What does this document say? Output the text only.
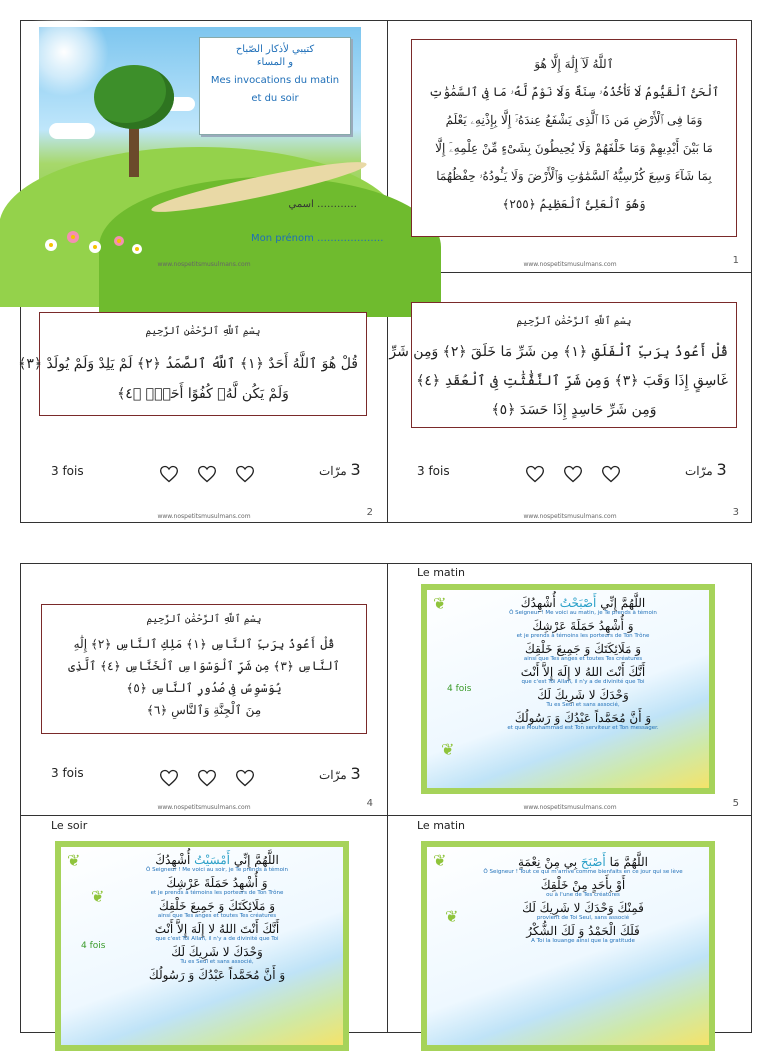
كتيبي لأذكار الصّباح
و المساء
Mes invocations du matin
et du soir
………… اسمي
Mon prénom ………………..
www.nospetitsmusulmans.com
ٱللَّهُ لَآ إِلَٰهَ إِلَّا هُوَ
ٱلْحَىُّ ٱلْقَيُّومُ لَا تَأْخُذُهُۥ سِنَةٌ وَلَا نَوْمٌ لَّهُۥ مَا فِى ٱلسَّمَٰوَٰتِ
وَمَا فِى ٱلْأَرْضِ مَن ذَا ٱلَّذِى يَشْفَعُ عِندَهُۥٓ إِلَّا بِإِذْنِهِۦ يَعْلَمُ
مَا بَيْنَ أَيْدِيهِمْ وَمَا خَلْفَهُمْ وَلَا يُحِيطُونَ بِشَىْءٍ مِّنْ عِلْمِهِۦٓ إِلَّا
بِمَا شَآءَ وَسِعَ كُرْسِيُّهُ ٱلسَّمَٰوَٰتِ وَٱلْأَرْضَ وَلَا يَـُٔودُهُۥ حِفْظُهُمَا
وَهُوَ ٱلْعَلِىُّ ٱلْعَظِيمُ ﴿٢٥٥﴾
www.nospetitsmusulmans.com	1
بِسْمِ ٱللَّهِ ٱلرَّحْمَٰنِ ٱلرَّحِيمِ
قُلْ هُوَ ٱللَّهُ أَحَدٌ ﴿١﴾ ٱللَّهُ ٱلصَّمَدُ ﴿٢﴾ لَمْ يَلِدْ وَلَمْ يُولَدْ ﴿٣﴾
وَلَمْ يَكُن لَّهُۥ كُفُوًا أَحَدٌۢ ﴿٤﴾
3 fois	3 مرّات
www.nospetitsmusulmans.com	2
بِسْمِ ٱللَّهِ ٱلرَّحْمَٰنِ ٱلرَّحِيمِ
قُلْ أَعُوذُ بِرَبِّ ٱلْفَلَقِ ﴿١﴾ مِن شَرِّ مَا خَلَقَ ﴿٢﴾ وَمِن شَرِّ
غَاسِقٍ إِذَا وَقَبَ ﴿٣﴾ وَمِن شَرِّ ٱلنَّفَّٰثَٰتِ فِى ٱلْعُقَدِ ﴿٤﴾
وَمِن شَرِّ حَاسِدٍ إِذَا حَسَدَ ﴿٥﴾
3 fois	3 مرّات
www.nospetitsmusulmans.com	3
بِسْمِ ٱللَّهِ ٱلرَّحْمَٰنِ ٱلرَّحِيمِ
قُلْ أَعُوذُ بِرَبِّ ٱلنَّاسِ ﴿١﴾ مَلِكِ ٱلنَّاسِ ﴿٢﴾ إِلَٰهِ
ٱلنَّاسِ ﴿٣﴾ مِن شَرِّ ٱلْوَسْوَاسِ ٱلْخَنَّاسِ ﴿٤﴾ ٱلَّذِى
يُوَسْوِسُ فِى صُدُورِ ٱلنَّاسِ ﴿٥﴾
مِنَ ٱلْجِنَّةِ وَٱلنَّاسِ ﴿٦﴾
3 fois	3 مرّات
www.nospetitsmusulmans.com	4
Le matin
❦
❦
4 fois
اللَّهُمَّ إِنِّي أَصْبَحْتُ أُشْهِدُكَ
Ô Seigneur ! Me voici au matin, je Te prends à témoin
وَ أُشْهِدُ حَمَلَةَ عَرْشِكَ
et je prends à témoins les porteurs de Ton Trône
وَ مَلَائِكَتَكَ وَ جَمِيعَ خَلْقِكَ
ainsi que Tes anges et toutes Tes créatures
أَنَّكَ أَنْتَ اللهُ لا إِلَهَ إِلاَّ أَنْتَ
que c'est Toi Allah, il n'y a de divinité que Toi
وَحْدَكَ لا شَرِيكَ لَكَ
Tu es Seul et sans associé,
وَ أَنَّ مُحَمَّداً عَبْدُكَ وَ رَسُولُكَ
et que Mouhammad est Ton serviteur et Ton messager.
www.nospetitsmusulmans.com	5
Le soir
❦
❦
4 fois
اللَّهُمَّ إِنِّي أَمْسَيْتُ أُشْهِدُكَ
Ô Seigneur ! Me voici au soir, je Te prends à témoin
وَ أُشْهِدُ حَمَلَةَ عَرْشِكَ
et je prends à témoins les porteurs de Ton Trône
وَ مَلَائِكَتَكَ وَ جَمِيعَ خَلْقِكَ
ainsi que Tes anges et toutes Tes créatures
أَنَّكَ أَنْتَ اللهُ لا إِلَهَ إِلاَّ أَنْتَ
que c'est Toi Allah, il n'y a de divinité que Toi
وَحْدَكَ لا شَرِيكَ لَكَ
Tu es Seul et sans associé,
وَ أَنَّ مُحَمَّداً عَبْدُكَ وَ رَسُولُكَ
Le matin
❦
❦
اللَّهُمَّ مَا أَصْبَحَ بِي مِنْ نِعْمَةٍ
Ô Seigneur ! Tout ce qui m'arrive comme bienfaits en ce jour qui se lève
أَوْ بِأَحَدٍ مِنْ خَلْقِكَ
ou à l'une de Tes créatures
فَمِنْكَ وَحْدَكَ لا شَرِيكَ لَكَ
provient de Toi Seul, sans associé
فَلَكَ الْحَمْدُ وَ لَكَ الشُّكْرُ
A Toi la louange ainsi que la gratitude
